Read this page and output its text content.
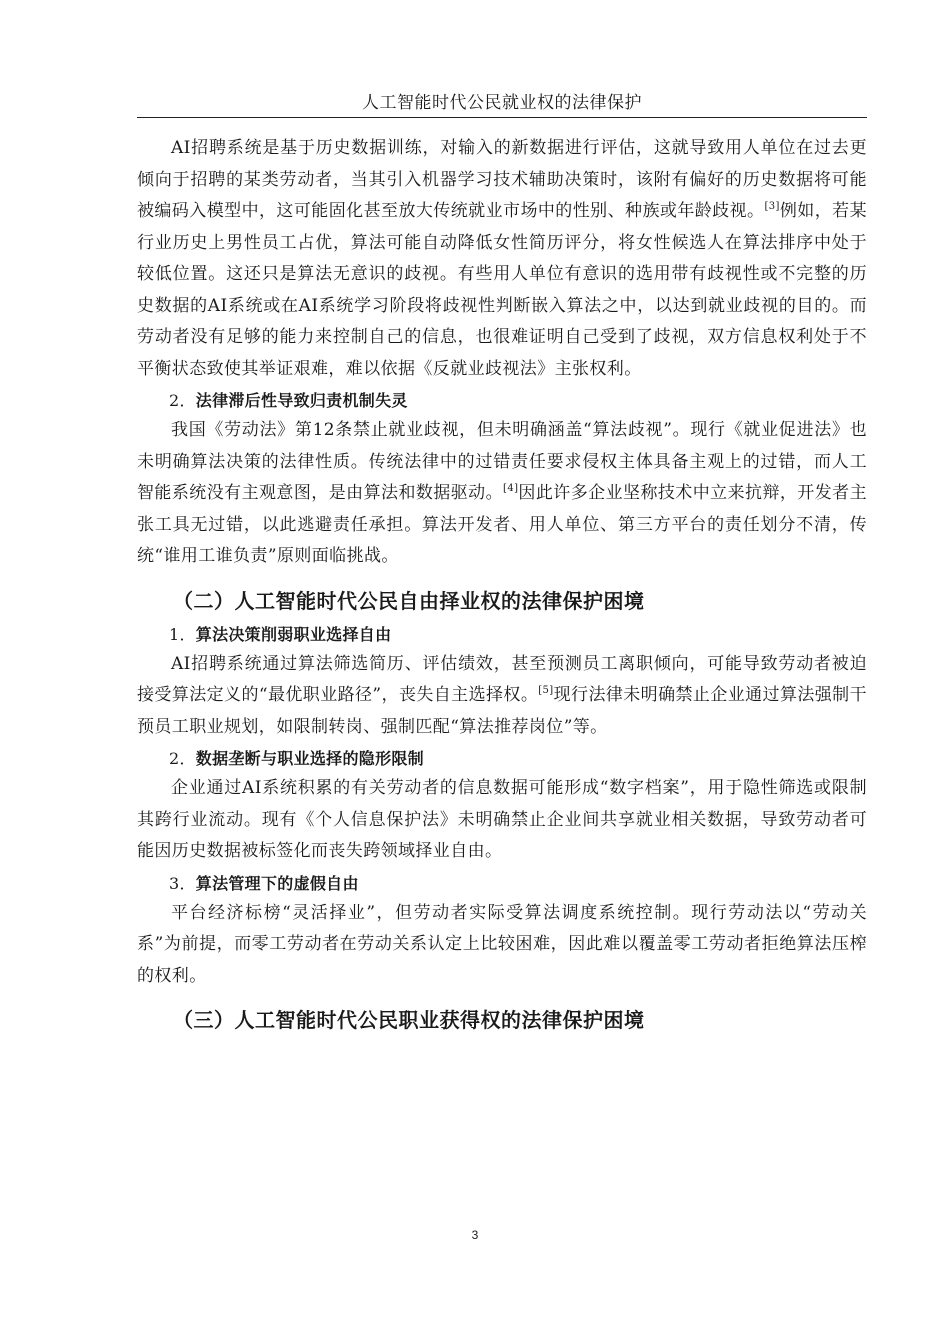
人工智能时代公民就业权的法律保护

AI招聘系统是基于历史数据训练，对输入的新数据进行评估，这就导致用人单位在过去更倾向于招聘的某类劳动者，当其引入机器学习技术辅助决策时，该附有偏好的历史数据将可能被编码入模型中，这可能固化甚至放大传统就业市场中的性别、种族或年龄歧视。[3]例如，若某行业历史上男性员工占优，算法可能自动降低女性简历评分，将女性候选人在算法排序中处于较低位置。这还只是算法无意识的歧视。有些用人单位有意识的选用带有歧视性或不完整的历史数据的AI系统或在AI系统学习阶段将歧视性判断嵌入算法之中，以达到就业歧视的目的。而劳动者没有足够的能力来控制自己的信息，也很难证明自己受到了歧视，双方信息权利处于不平衡状态致使其举证艰难，难以依据《反就业歧视法》主张权利。

2．法律滞后性导致归责机制失灵

我国《劳动法》第12条禁止就业歧视，但未明确涵盖“算法歧视”。现行《就业促进法》也未明确算法决策的法律性质。传统法律中的过错责任要求侵权主体具备主观上的过错，而人工智能系统没有主观意图，是由算法和数据驱动。[4]因此许多企业坚称技术中立来抗辩，开发者主张工具无过错，以此逃避责任承担。算法开发者、用人单位、第三方平台的责任划分不清，传统“谁用工谁负责”原则面临挑战。

（二）人工智能时代公民自由择业权的法律保护困境

1．算法决策削弱职业选择自由

AI招聘系统通过算法筛选简历、评估绩效，甚至预测员工离职倾向，可能导致劳动者被迫接受算法定义的“最优职业路径”，丧失自主选择权。[5]现行法律未明确禁止企业通过算法强制干预员工职业规划，如限制转岗、强制匹配“算法推荐岗位”等。

2．数据垄断与职业选择的隐形限制

企业通过AI系统积累的有关劳动者的信息数据可能形成“数字档案”，用于隐性筛选或限制其跨行业流动。现有《个人信息保护法》未明确禁止企业间共享就业相关数据，导致劳动者可能因历史数据被标签化而丧失跨领域择业自由。

3．算法管理下的虚假自由

平台经济标榜“灵活择业”，但劳动者实际受算法调度系统控制。现行劳动法以“劳动关系”为前提，而零工劳动者在劳动关系认定上比较困难，因此难以覆盖零工劳动者拒绝算法压榨的权利。

（三）人工智能时代公民职业获得权的法律保护困境

3
